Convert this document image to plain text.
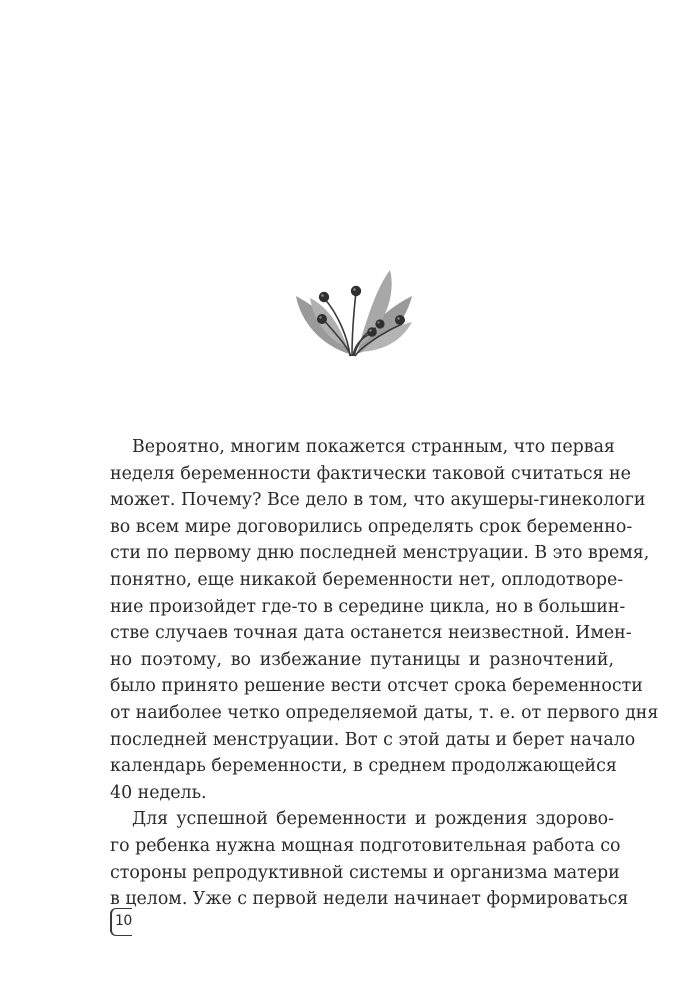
Вероятно, многим покажется странным, что первая
неделя беременности фактически таковой считаться не
может. Почему? Все дело в том, что акушеры-гинекологи
во всем мире договорились определять срок беременно-
сти по первому дню последней менструации. В это время,
понятно, еще никакой беременности нет, оплодотворе-
ние произойдет где-то в середине цикла, но в большин-
стве случаев точная дата останется неизвестной. Имен-
но поэтому, во избежание путаницы и разночтений,
было принято решение вести отсчет срока беременности
от наиболее четко определяемой даты, т. е. от первого дня
последней менструации. Вот с этой даты и берет начало
календарь беременности, в среднем продолжающейся
40 недель.
Для успешной беременности и рождения здорово-
го ребенка нужна мощная подготовительная работа со
стороны репродуктивной системы и организма матери
в целом. Уже с первой недели начинает формироваться
10
